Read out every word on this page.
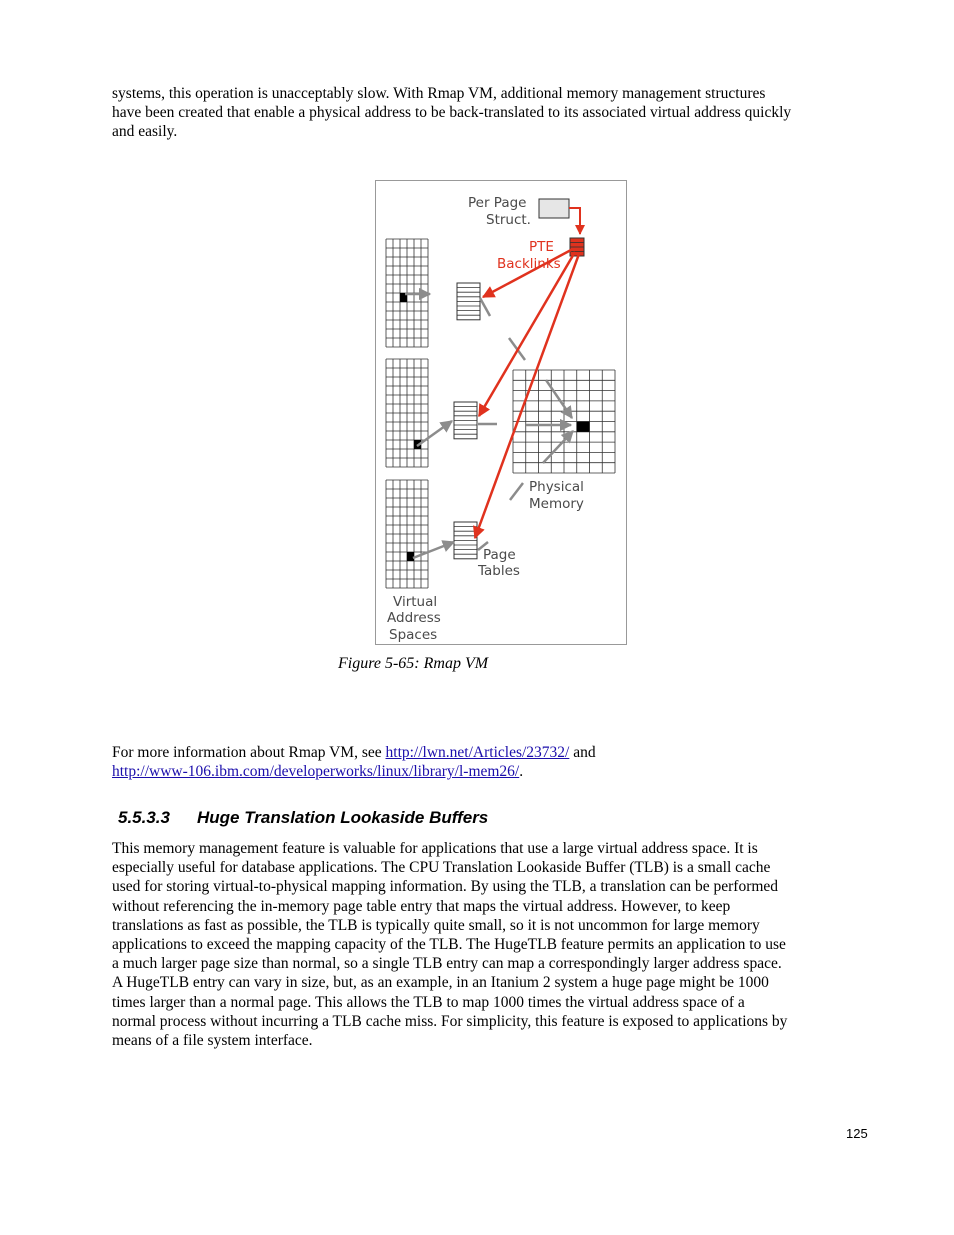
systems, this operation is unacceptably slow. With Rmap VM, additional memory management structures
have been created that enable a physical address to be back-translated to its associated virtual address quickly
and easily.

Per Page
Struct.
PTE
Backlinks
Physical
Memory
Page
Tables
Virtual
Address
Spaces

Figure 5-65: Rmap VM

For more information about Rmap VM, see http://lwn.net/Articles/23732/ and
http://www-106.ibm.com/developerworks/linux/library/l-mem26/.

5.5.3.3 Huge Translation Lookaside Buffers

This memory management feature is valuable for applications that use a large virtual address space. It is
especially useful for database applications. The CPU Translation Lookaside Buffer (TLB) is a small cache
used for storing virtual-to-physical mapping information. By using the TLB, a translation can be performed
without referencing the in-memory page table entry that maps the virtual address. However, to keep
translations as fast as possible, the TLB is typically quite small, so it is not uncommon for large memory
applications to exceed the mapping capacity of the TLB. The HugeTLB feature permits an application to use
a much larger page size than normal, so a single TLB entry can map a correspondingly larger address space.
A HugeTLB entry can vary in size, but, as an example, in an Itanium 2 system a huge page might be 1000
times larger than a normal page. This allows the TLB to map 1000 times the virtual address space of a
normal process without incurring a TLB cache miss. For simplicity, this feature is exposed to applications by
means of a file system interface.

125
